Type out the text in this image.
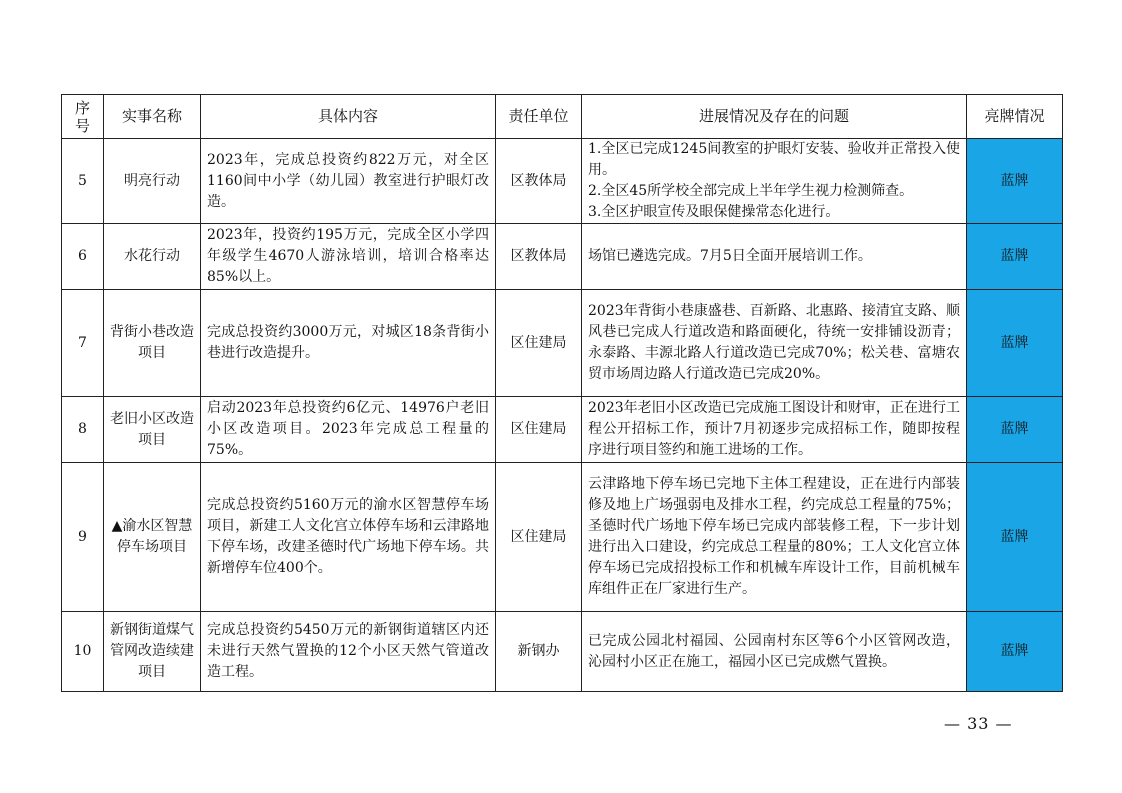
序号	实事名称	具体内容	责任单位	进展情况及存在的问题	亮牌情况
5	明亮行动	2023年，完成总投资约822万元，对全区1160间中小学（幼儿园）教室进行护眼灯改造。	区教体局	1.全区已完成1245间教室的护眼灯安装、验收并正常投入使用。
2.全区45所学校全部完成上半年学生视力检测筛查。
3.全区护眼宣传及眼保健操常态化进行。	蓝牌
6	水花行动	2023年，投资约195万元，完成全区小学四年级学生4670人游泳培训，培训合格率达85%以上。	区教体局	场馆已遴选完成。7月5日全面开展培训工作。	蓝牌
7	背街小巷改造项目	完成总投资约3000万元，对城区18条背街小巷进行改造提升。	区住建局	2023年背街小巷康盛巷、百新路、北惠路、接清宜支路、顺风巷已完成人行道改造和路面硬化，待统一安排铺设沥青；永泰路、丰源北路人行道改造已完成70%；松关巷、富塘农贸市场周边路人行道改造已完成20%。	蓝牌
8	老旧小区改造项目	启动2023年总投资约6亿元、14976户老旧小区改造项目。2023年完成总工程量的75%。	区住建局	2023年老旧小区改造已完成施工图设计和财审，正在进行工程公开招标工作，预计7月初逐步完成招标工作，随即按程序进行项目签约和施工进场的工作。	蓝牌
9	▲渝水区智慧停车场项目	完成总投资约5160万元的渝水区智慧停车场项目，新建工人文化宫立体停车场和云津路地下停车场，改建圣德时代广场地下停车场。共新增停车位400个。	区住建局	云津路地下停车场已完地下主体工程建设，正在进行内部装修及地上广场强弱电及排水工程，约完成总工程量的75%；圣德时代广场地下停车场已完成内部装修工程，下一步计划进行出入口建设，约完成总工程量的80%；工人文化宫立体停车场已完成招投标工作和机械车库设计工作，目前机械车库组件正在厂家进行生产。	蓝牌
10	新钢街道煤气管网改造续建项目	完成总投资约5450万元的新钢街道辖区内还未进行天然气置换的12个小区天然气管道改造工程。	新钢办	已完成公园北村福园、公园南村东区等6个小区管网改造，沁园村小区正在施工，福园小区已完成燃气置换。	蓝牌
— 33 —
